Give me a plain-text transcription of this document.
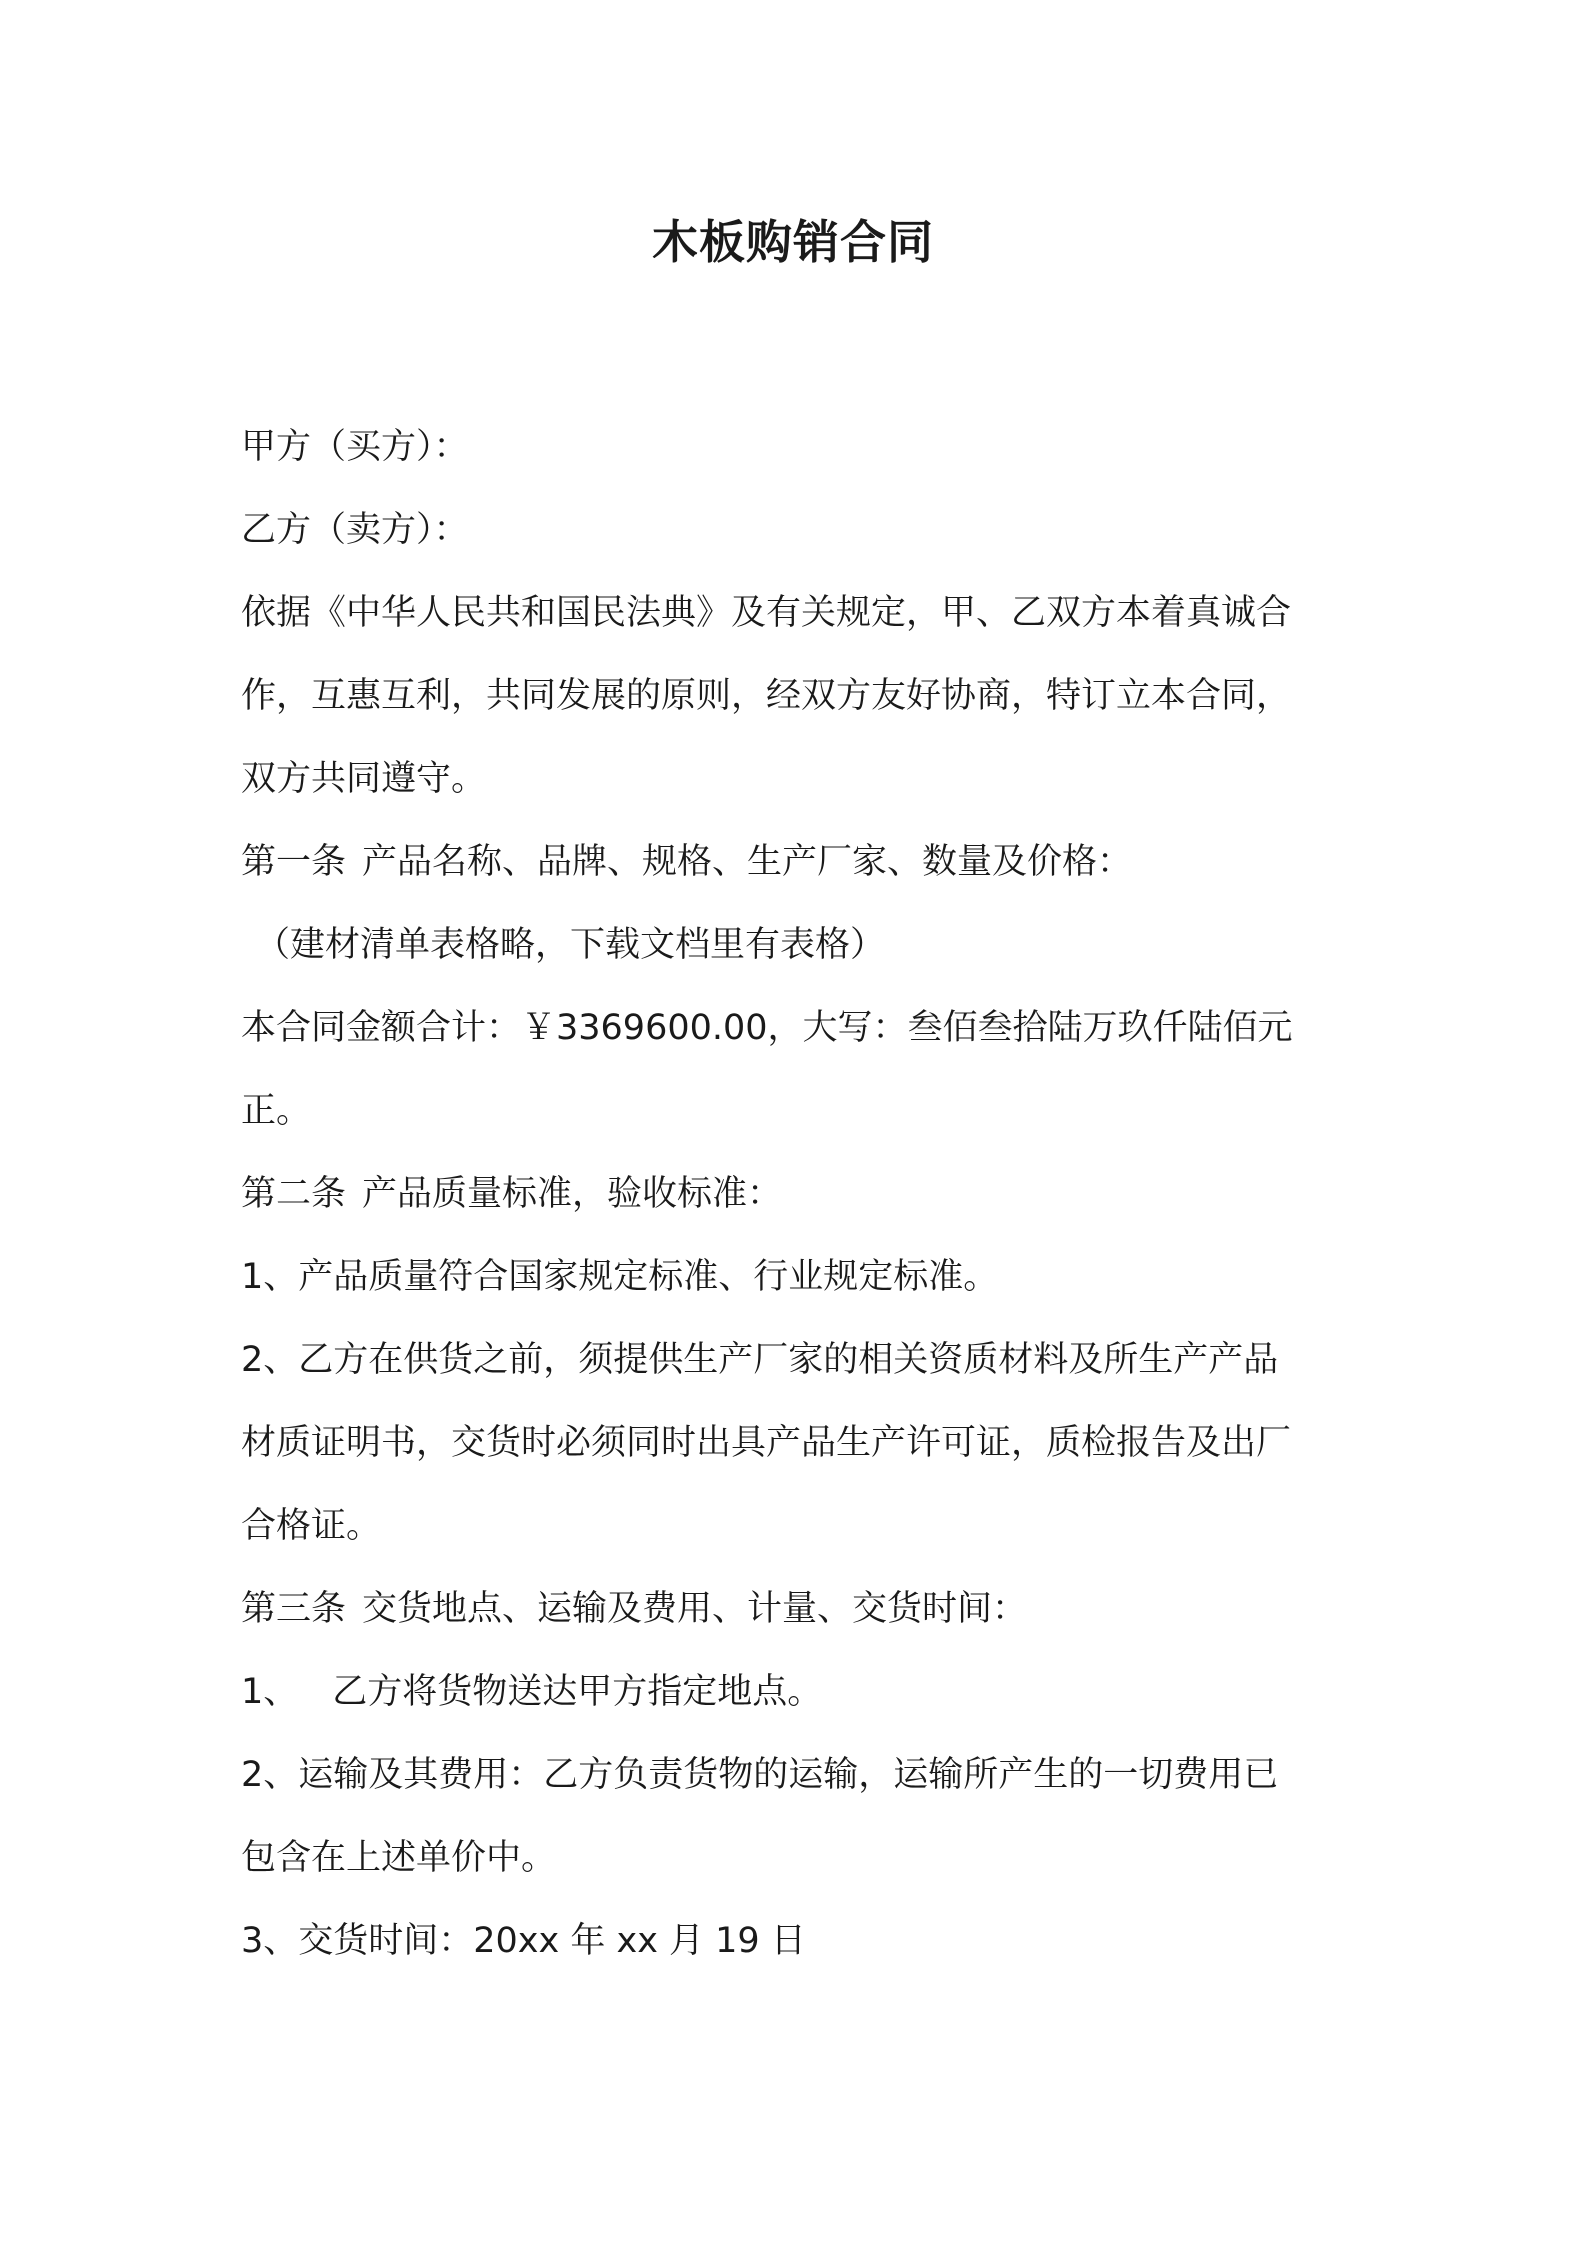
木板购销合同
甲方（买方）：
乙方（卖方）：
依据《中华人民共和国民法典》及有关规定，甲、乙双方本着真诚合
作，互惠互利，共同发展的原则，经双方友好协商，特订立本合同，
双方共同遵守。
第一条 产品名称、品牌、规格、生产厂家、数量及价格：
（建材清单表格略，下载文档里有表格）
本合同金额合计：￥3369600.00，大写：叁佰叁拾陆万玖仟陆佰元
正。
第二条 产品质量标准，验收标准：
1、产品质量符合国家规定标准、行业规定标准。
2、乙方在供货之前，须提供生产厂家的相关资质材料及所生产产品
材质证明书，交货时必须同时出具产品生产许可证，质检报告及出厂
合格证。
第三条 交货地点、运输及费用、计量、交货时间：
1、 乙方将货物送达甲方指定地点。
2、运输及其费用：乙方负责货物的运输，运输所产生的一切费用已
包含在上述单价中。
3、交货时间：20xx 年 xx 月 19 日
